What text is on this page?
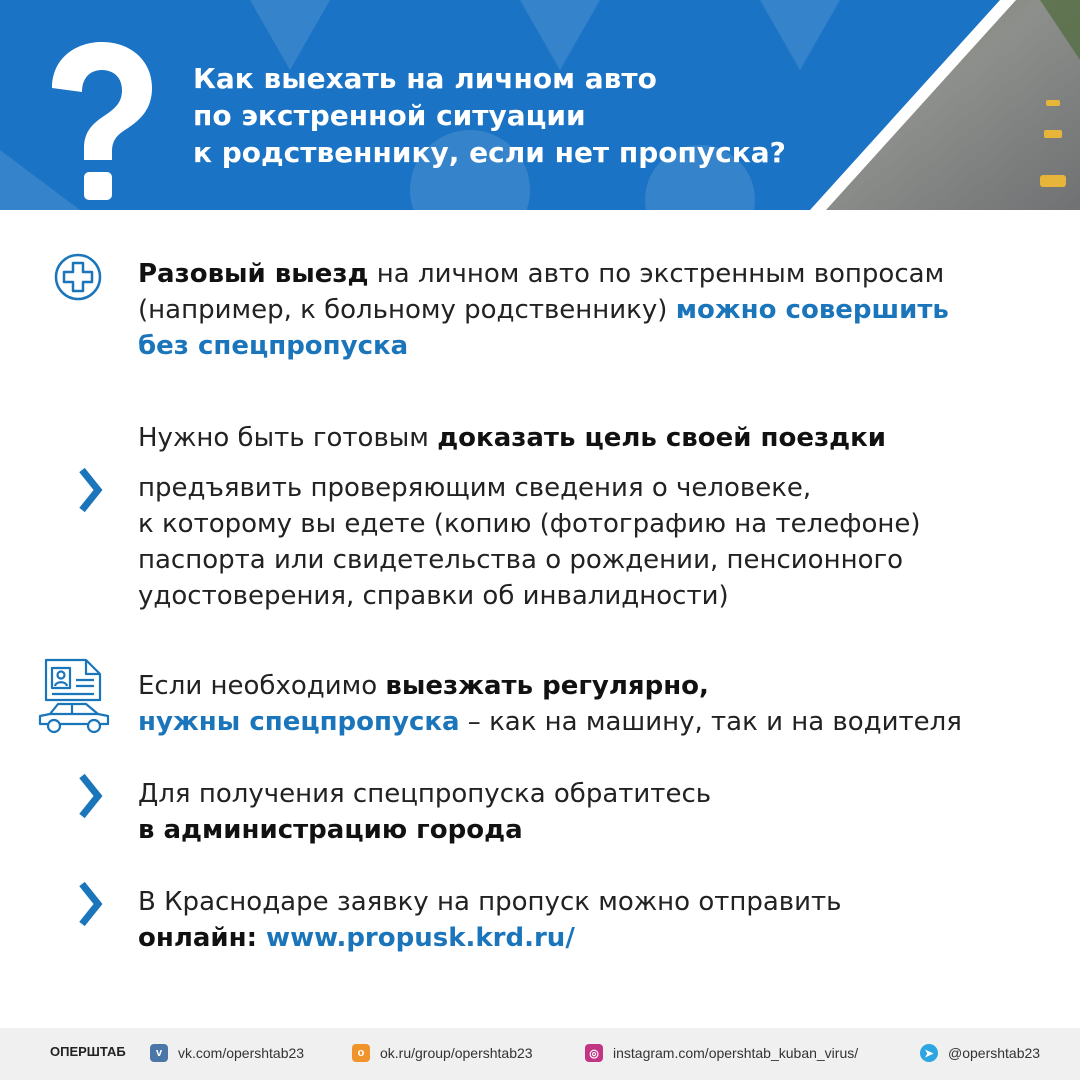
Как выехать на личном авто
по экстренной ситуации
к родственнику, если нет пропуска?
Разовый выезд на личном авто по экстренным вопросам
(например, к больному родственнику) можно совершить
без спецпропуска
Нужно быть готовым доказать цель своей поездки
предъявить проверяющим сведения о человеке,
к которому вы едете (копию (фотографию на телефоне)
паспорта или свидетельства о рождении, пенсионного
удостоверения, справки об инвалидности)
Если необходимо выезжать регулярно,
нужны спецпропуска – как на машину, так и на водителя
Для получения спецпропуска обратитесь
в администрацию города
В Краснодаре заявку на пропуск можно отправить
онлайн: www.propusk.krd.ru/
ОПЕРШТАБ	v	vk.com/opershtab23	o	ok.ru/group/opershtab23	◎	instagram.com/opershtab_kuban_virus/	➤	@opershtab23
